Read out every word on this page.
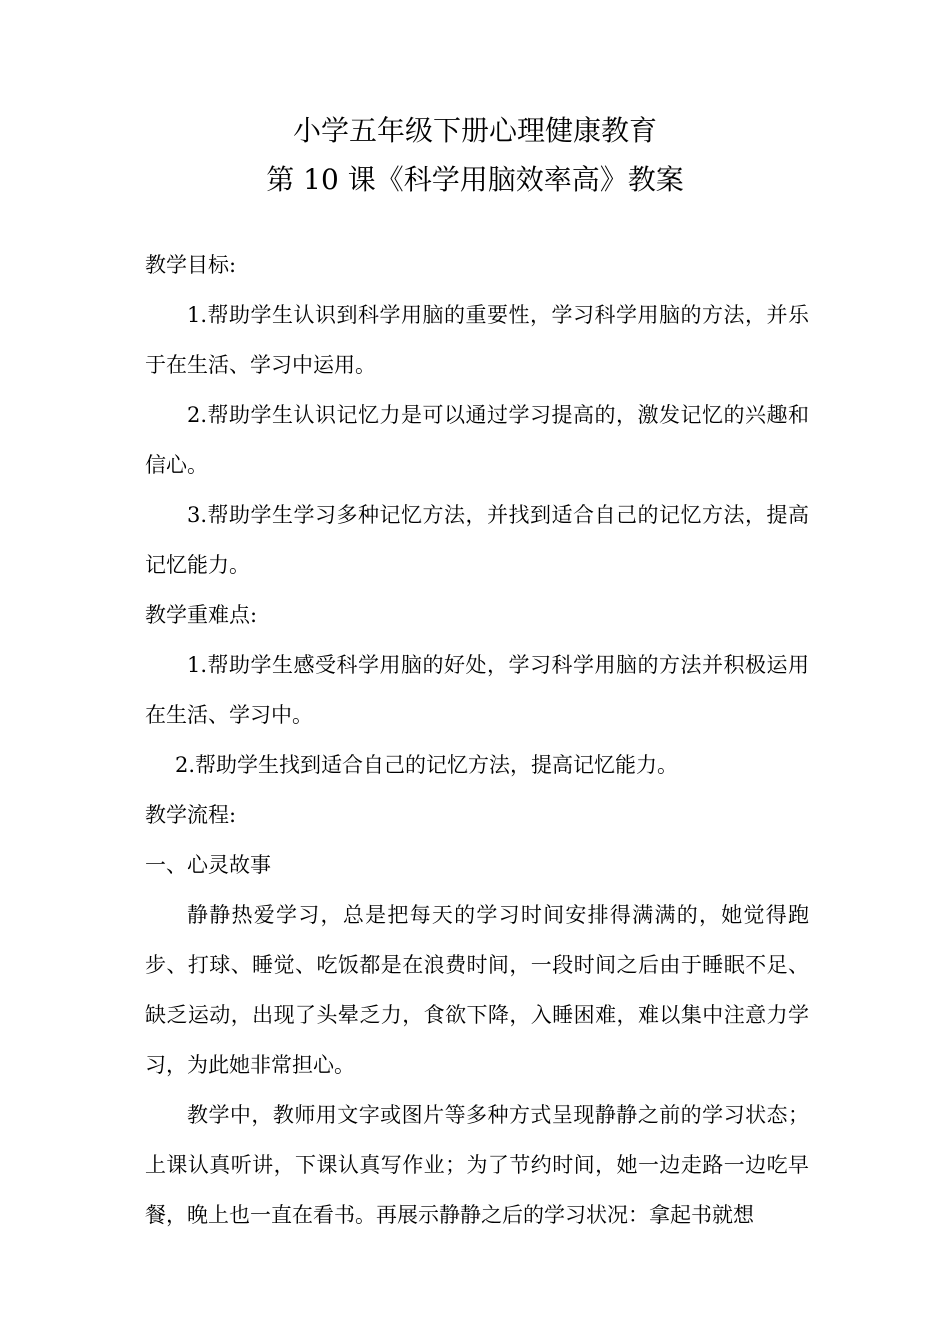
小学五年级下册心理健康教育
第 10 课《科学用脑效率高》教案

教学目标:

1.帮助学生认识到科学用脑的重要性，学习科学用脑的方法，并乐于在生活、学习中运用。

2.帮助学生认识记忆力是可以通过学习提高的，激发记忆的兴趣和信心。

3.帮助学生学习多种记忆方法，并找到适合自己的记忆方法，提高记忆能力。

教学重难点:

1.帮助学生感受科学用脑的好处，学习科学用脑的方法并积极运用在生活、学习中。

2.帮助学生找到适合自己的记忆方法，提高记忆能力。

教学流程:

一、心灵故事

静静热爱学习，总是把每天的学习时间安排得满满的，她觉得跑步、打球、睡觉、吃饭都是在浪费时间，一段时间之后由于睡眠不足、缺乏运动，出现了头晕乏力，食欲下降，入睡困难，难以集中注意力学习，为此她非常担心。

教学中，教师用文字或图片等多种方式呈现静静之前的学习状态；上课认真听讲，下课认真写作业；为了节约时间，她一边走路一边吃早餐，晚上也一直在看书。再展示静静之后的学习状况：拿起书就想
